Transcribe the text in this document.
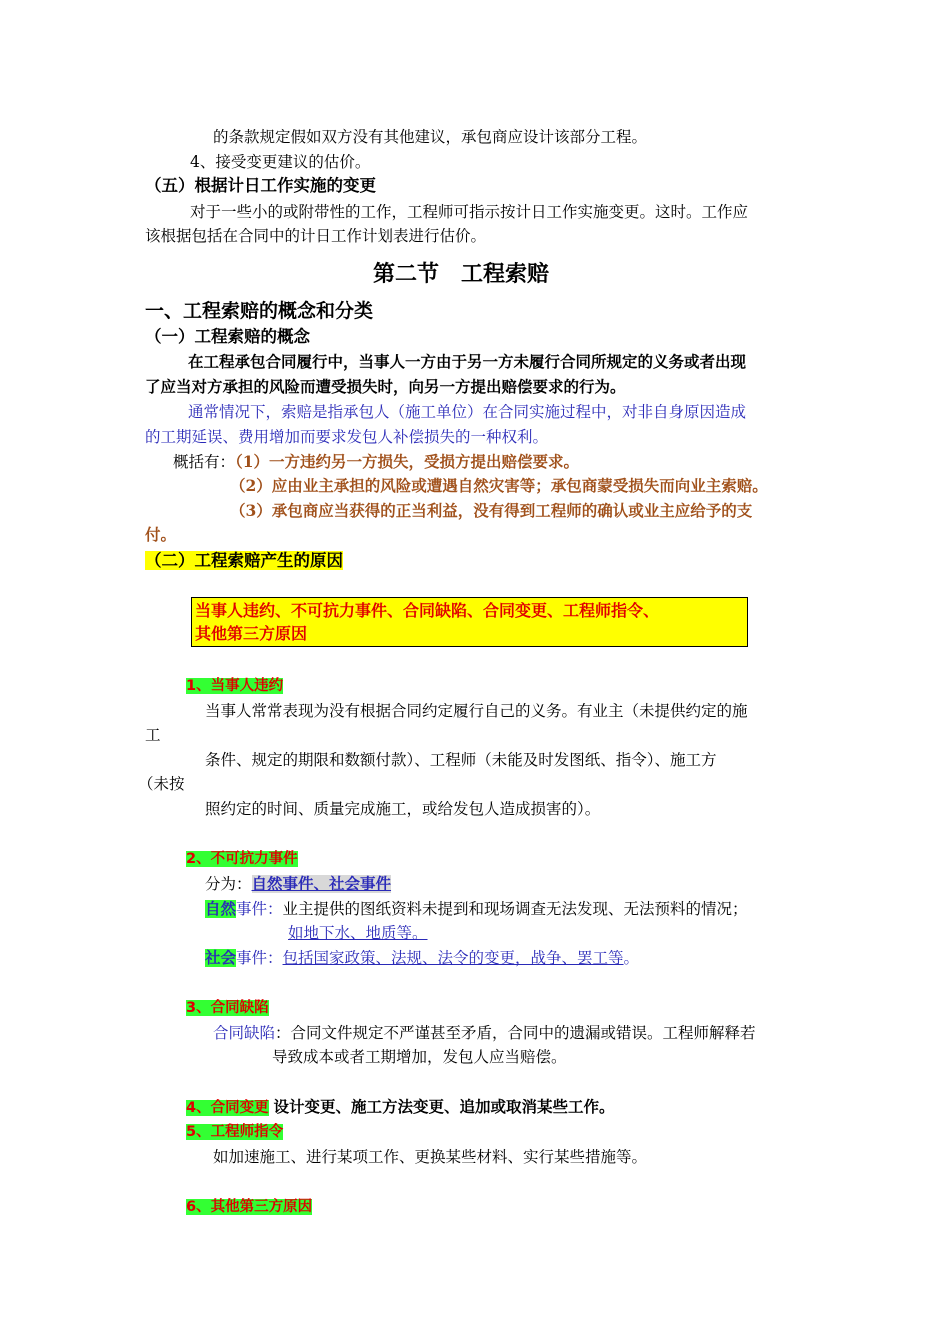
的条款规定假如双方没有其他建议，承包商应设计该部分工程。
4、接受变更建议的估价。
（五）根据计日工作实施的变更
对于一些小的或附带性的工作，工程师可指示按计日工作实施变更。这时。工作应
该根据包括在合同中的计日工作计划表进行估价。
第二节　工程索赔
一、工程索赔的概念和分类
（一）工程索赔的概念
在工程承包合同履行中，当事人一方由于另一方未履行合同所规定的义务或者出现
了应当对方承担的风险而遭受损失时，向另一方提出赔偿要求的行为。
通常情况下，索赔是指承包人（施工单位）在合同实施过程中，对非自身原因造成
的工期延误、费用增加而要求发包人补偿损失的一种权利。
概括有：（1）一方违约另一方损失，受损方提出赔偿要求。
（2）应由业主承担的风险或遭遇自然灾害等；承包商蒙受损失而向业主索赔。
（3）承包商应当获得的正当利益，没有得到工程师的确认或业主应给予的支
付。
（二）工程索赔产生的原因
当事人违约、不可抗力事件、合同缺陷、合同变更、工程师指令、
其他第三方原因
1、当事人违约
当事人常常表现为没有根据合同约定履行自己的义务。有业主（未提供约定的施
工
条件、规定的期限和数额付款）、工程师（未能及时发图纸、指令）、施工方
（未按
照约定的时间、质量完成施工，或给发包人造成损害的）。
2、不可抗力事件
分为：自然事件、社会事件
自然事件：业主提供的图纸资料未提到和现场调查无法发现、无法预料的情况；
如地下水、地质等。
社会事件：包括国家政策、法规、法令的变更，战争、罢工等。
3、合同缺陷
合同缺陷：合同文件规定不严谨甚至矛盾，合同中的遗漏或错误。工程师解释若
导致成本或者工期增加，发包人应当赔偿。
4、合同变更 设计变更、施工方法变更、追加或取消某些工作。
5、工程师指令
如加速施工、进行某项工作、更换某些材料、实行某些措施等。
6、其他第三方原因
